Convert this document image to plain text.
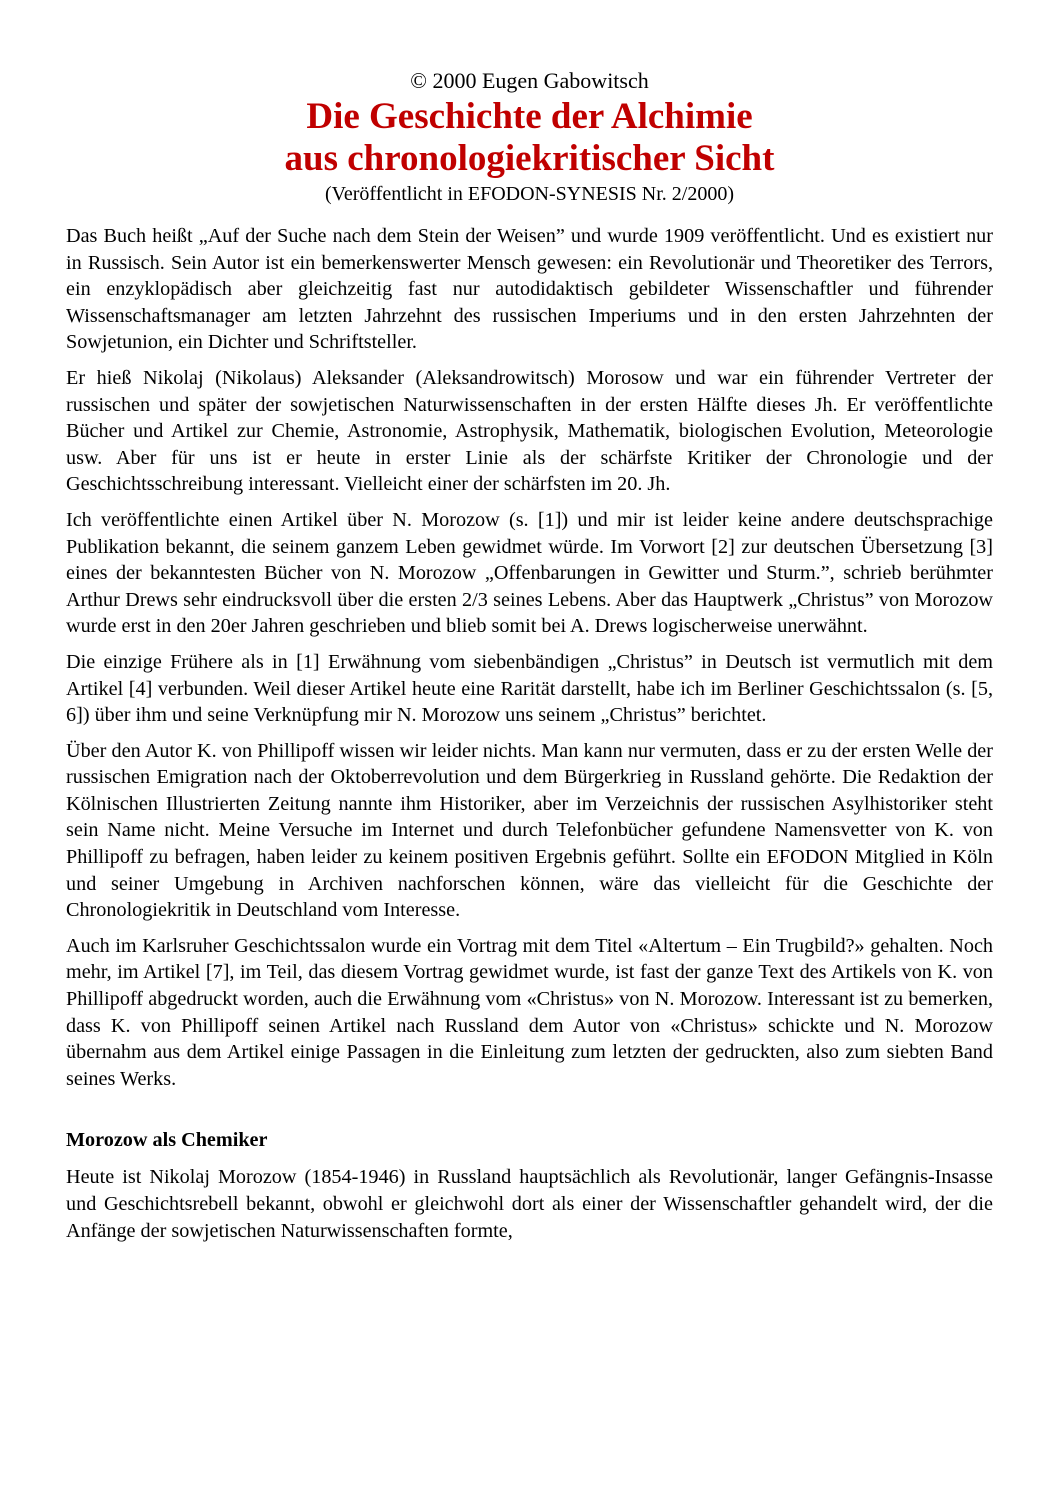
© 2000 Eugen Gabowitsch

Die Geschichte der Alchimie
aus chronologiekritischer Sicht

(Veröffentlicht in EFODON-SYNESIS Nr. 2/2000)

Das Buch heißt „Auf der Suche nach dem Stein der Weisen” und wurde 1909 veröffentlicht. Und es existiert nur in Russisch. Sein Autor ist ein bemerkenswerter Mensch gewesen: ein Revolutionär und Theoretiker des Terrors, ein enzyklopädisch aber gleichzeitig fast nur autodidaktisch gebildeter Wissenschaftler und führender Wissenschaftsmanager am letzten Jahrzehnt des russischen Imperiums und in den ersten Jahrzehnten der Sowjetunion, ein Dichter und Schriftsteller.

Er hieß Nikolaj (Nikolaus) Aleksander (Aleksandrowitsch) Morosow und war ein führender Vertreter der russischen und später der sowjetischen Naturwissenschaften in der ersten Hälfte dieses Jh. Er veröffentlichte Bücher und Artikel zur Chemie, Astronomie, Astrophysik, Mathematik, biologischen Evolution, Meteorologie usw. Aber für uns ist er heute in erster Linie als der schärfste Kritiker der Chronologie und der Geschichtsschreibung interessant. Vielleicht einer der schärfsten im 20. Jh.

Ich veröffentlichte einen Artikel über N. Morozow (s. [1]) und mir ist leider keine andere deutschsprachige Publikation bekannt, die seinem ganzem Leben gewidmet würde. Im Vorwort [2] zur deutschen Übersetzung [3] eines der bekanntesten Bücher von N. Morozow „Offenbarungen in Gewitter und Sturm.”, schrieb berühmter Arthur Drews sehr eindrucksvoll über die ersten 2/3 seines Lebens. Aber das Hauptwerk „Christus” von Morozow wurde erst in den 20er Jahren geschrieben und blieb somit bei A. Drews logischerweise unerwähnt.

Die einzige Frühere als in [1] Erwähnung vom siebenbändigen „Christus” in Deutsch ist vermutlich mit dem Artikel [4] verbunden. Weil dieser Artikel heute eine Rarität darstellt, habe ich im Berliner Geschichtssalon (s. [5, 6]) über ihm und seine Verknüpfung mir N. Morozow uns seinem „Christus” berichtet.

Über den Autor K. von Phillipoff wissen wir leider nichts. Man kann nur vermuten, dass er zu der ersten Welle der russischen Emigration nach der Oktoberrevolution und dem Bürgerkrieg in Russland gehörte. Die Redaktion der Kölnischen Illustrierten Zeitung nannte ihm Historiker, aber im Verzeichnis der russischen Asylhistoriker steht sein Name nicht. Meine Versuche im Internet und durch Telefonbücher gefundene Namensvetter von K. von Phillipoff zu befragen, haben leider zu keinem positiven Ergebnis geführt. Sollte ein EFODON Mitglied in Köln und seiner Umgebung in Archiven nachforschen können, wäre das vielleicht für die Geschichte der Chronologiekritik in Deutschland vom Interesse.

Auch im Karlsruher Geschichtssalon wurde ein Vortrag mit dem Titel «Altertum – Ein Trugbild?» gehalten. Noch mehr, im Artikel [7], im Teil, das diesem Vortrag gewidmet wurde, ist fast der ganze Text des Artikels von K. von Phillipoff abgedruckt worden, auch die Erwähnung vom «Christus» von N. Morozow. Interessant ist zu bemerken, dass K. von Phillipoff seinen Artikel nach Russland dem Autor von «Christus» schickte und N. Morozow übernahm aus dem Artikel einige Passagen in die Einleitung zum letzten der gedruckten, also zum siebten Band seines Werks.

Morozow als Chemiker

Heute ist Nikolaj Morozow (1854-1946) in Russland hauptsächlich als Revolutionär, langer Gefängnis-Insasse und Geschichtsrebell bekannt, obwohl er gleichwohl dort als einer der Wissenschaftler gehandelt wird, der die Anfänge der sowjetischen Naturwissenschaften formte,
